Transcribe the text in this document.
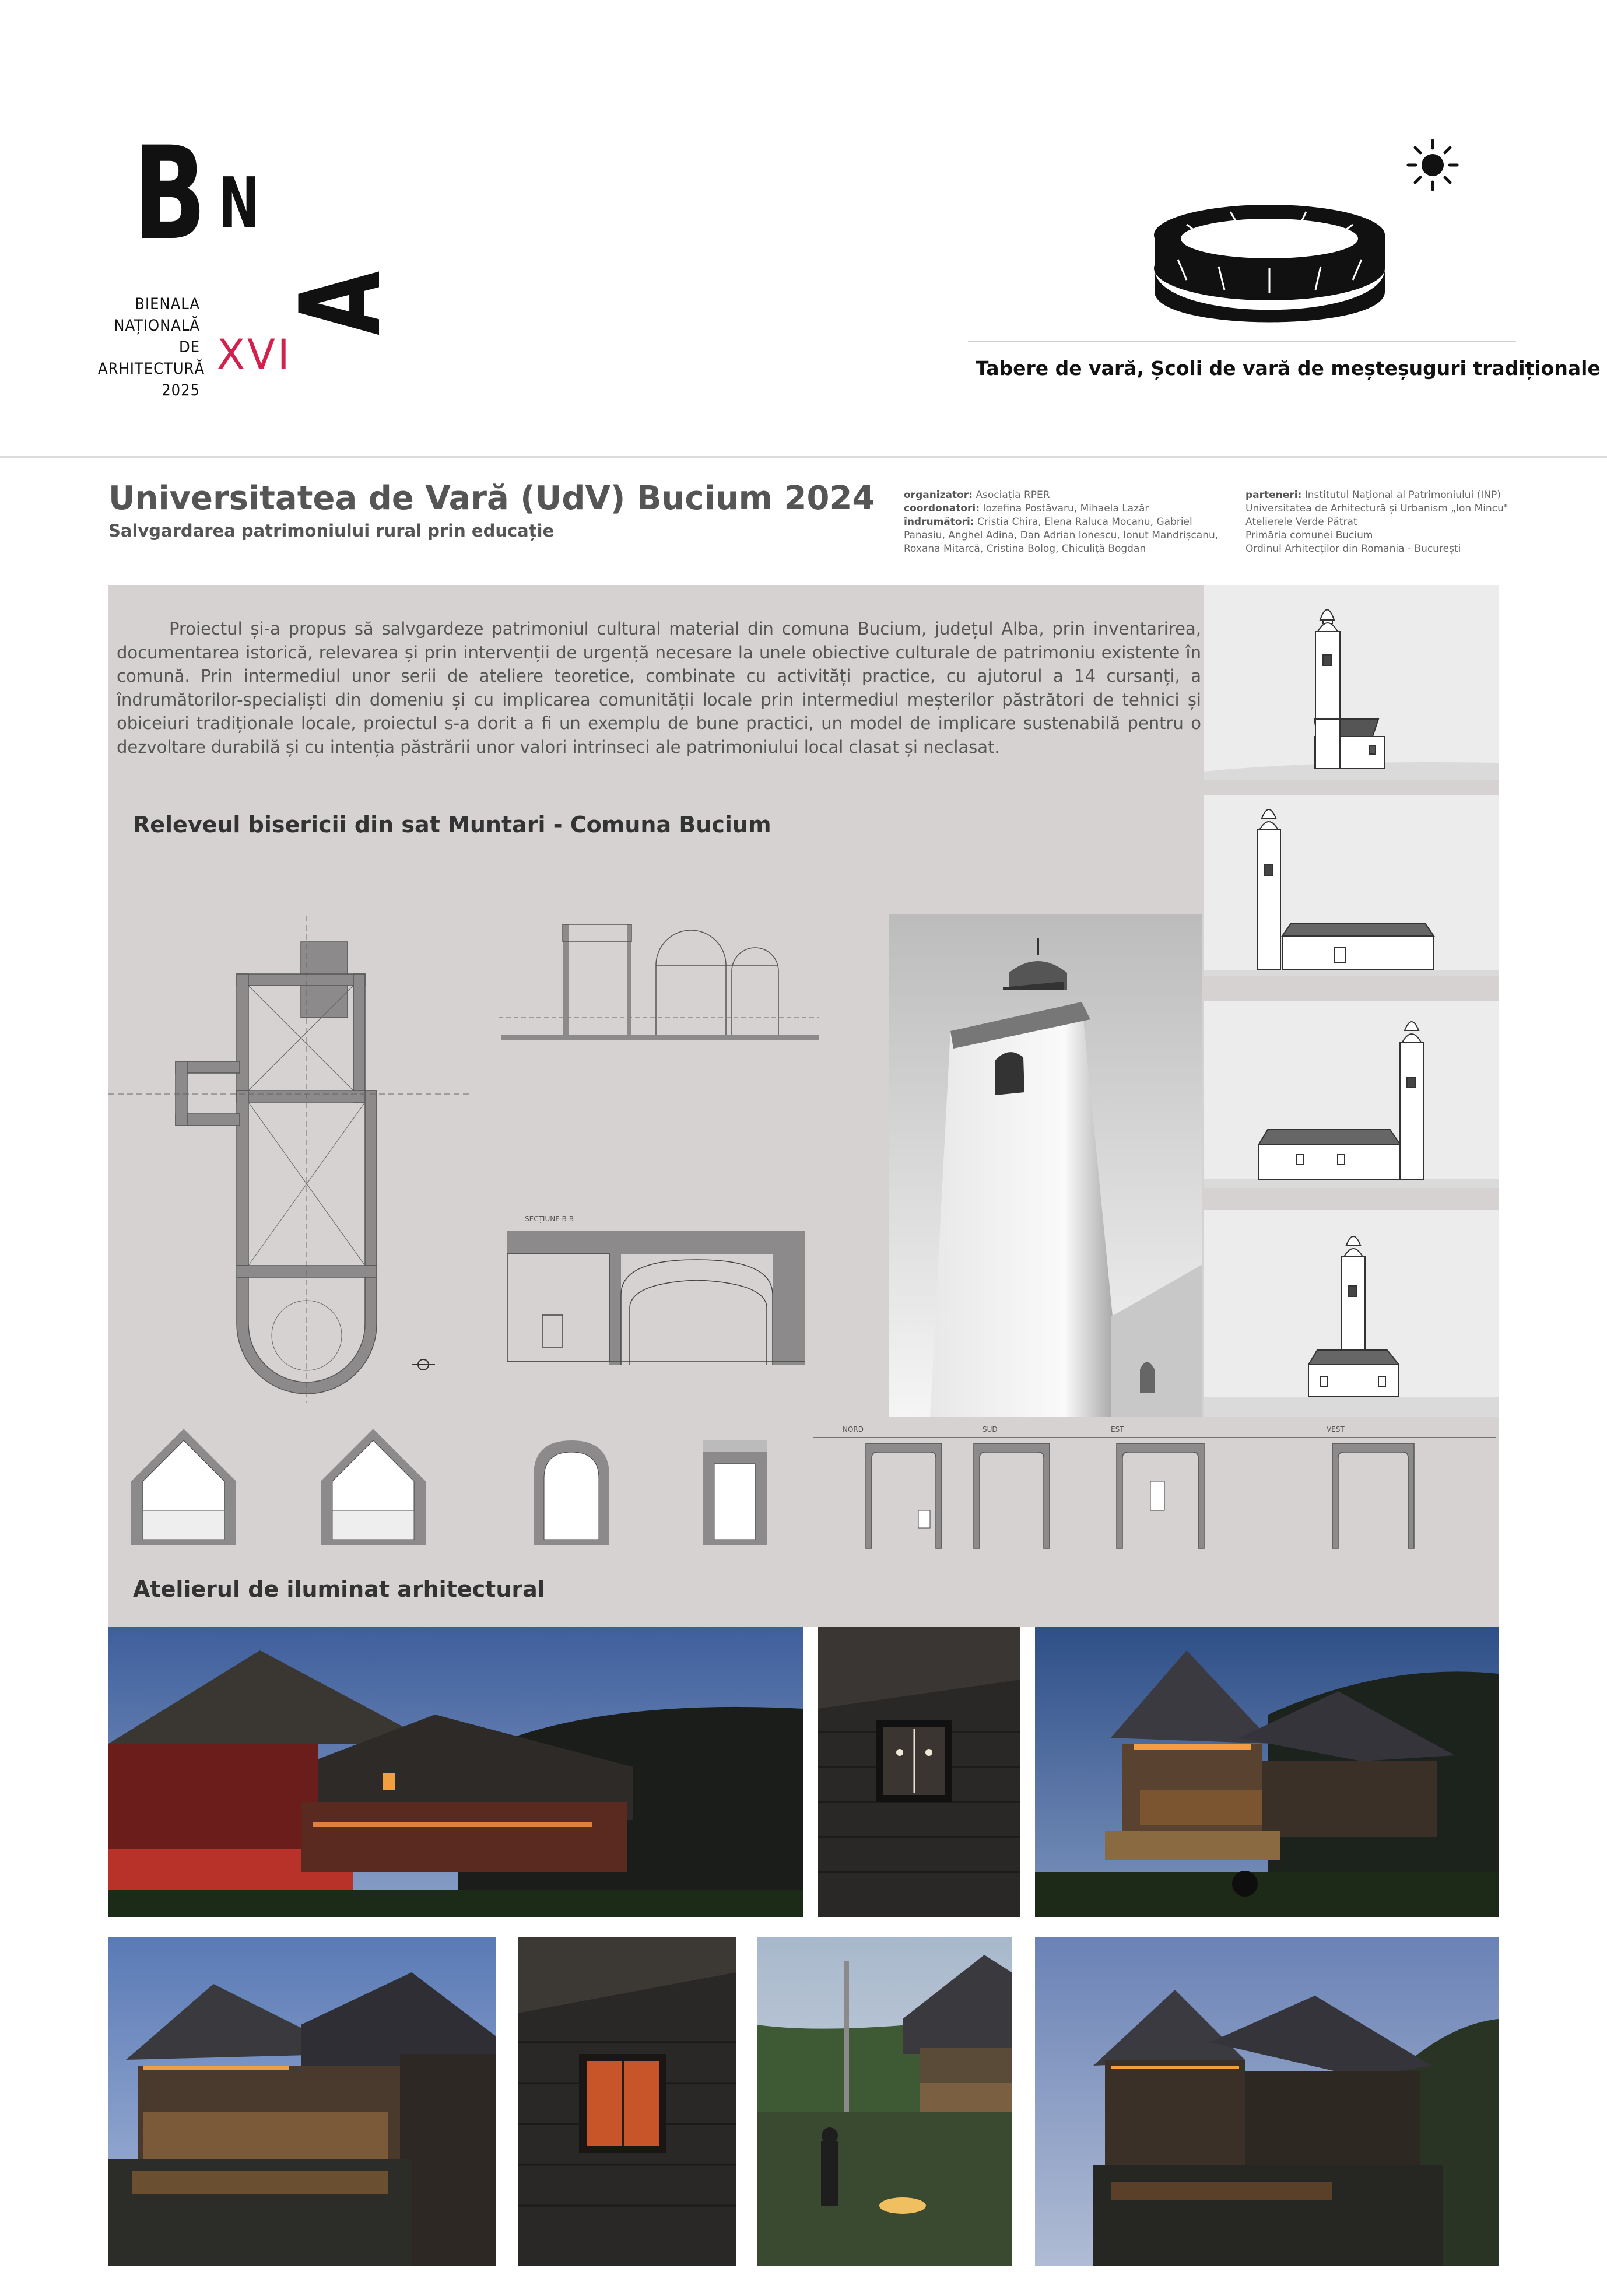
B N
A
BIENALA
NAȚIONALĂ
DE
ARHITECTURĂ
2025
XVI	Tabere de vară, Școli de vară de meșteșuguri tradiționale
Universitatea de Vară (UdV) Bucium 2024
Salvgardarea patrimoniului rural prin educație
organizator: Asociația RPER
coordonatori: Iozefina Postăvaru, Mihaela Lazăr
îndrumători: Cristia Chira, Elena Raluca Mocanu, Gabriel
Panasiu, Anghel Adina, Dan Adrian Ionescu, Ionut Mandrișcanu,
Roxana Mitarcă, Cristina Bolog, Chiculiță Bogdan
parteneri: Institutul Național al Patrimoniului (INP)
Universitatea de Arhitectură și Urbanism „Ion Mincu"
Atelierele Verde Pătrat
Primăria comunei Bucium
Ordinul Arhitecților din Romania - București
Proiectul și-a propus să salvgardeze patrimoniul cultural material din comuna Bucium, județul Alba, prin inventarirea, documentarea istorică, relevarea și prin intervenții de urgență necesare la unele obiective culturale de patrimoniu existente în comună. Prin intermediul unor serii de ateliere teoretice, combinate cu activități practice, cu ajutorul a 14 cursanți, a îndrumătorilor-specialiști din domeniu și cu implicarea comunității locale prin intermediul meșterilor păstrători de tehnici și obiceiuri tradiționale locale, proiectul s-a dorit a fi un exemplu de bune practici, un model de implicare sustenabilă pentru o dezvoltare durabilă și cu intenția păstrării unor valori intrinseci ale patrimoniului local clasat și neclasat.
Releveul bisericii din sat Muntari - Comuna Bucium
SECȚIUNE B-B
NORD	SUD	EST	VEST
Atelierul de iluminat arhitectural
